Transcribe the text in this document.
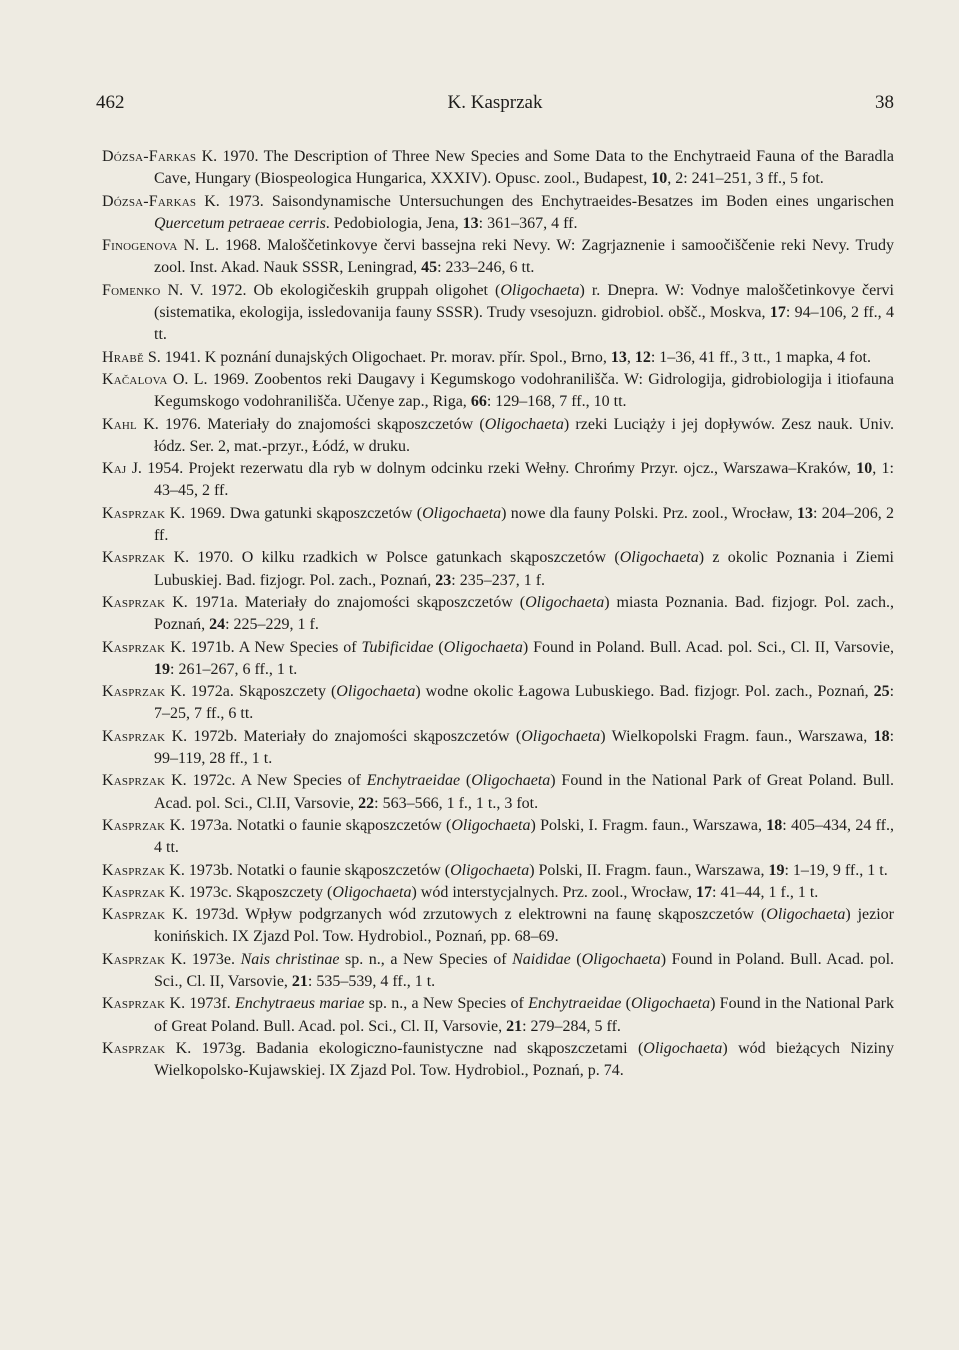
462	K. Kasprzak	38

Dózsa-Farkas K. 1970. The Description of Three New Species and Some Data to the Enchytraeid Fauna of the Baradla Cave, Hungary (Biospeologica Hungarica, XXXIV). Opusc. zool., Budapest, 10, 2: 241–251, 3 ff., 5 fot.

Dózsa-Farkas K. 1973. Saisondynamische Untersuchungen des Enchytraeides-Besatzes im Boden eines ungarischen Quercetum petraeae cerris. Pedobiologia, Jena, 13: 361–367, 4 ff.

Finogenova N. L. 1968. Maloščetinkovye červi bassejna reki Nevy. W: Zagrjaznenie i samoočiščenie reki Nevy. Trudy zool. Inst. Akad. Nauk SSSR, Leningrad, 45: 233–246, 6 tt.

Fomenko N. V. 1972. Ob ekologičeskih gruppah oligohet (Oligochaeta) r. Dnepra. W: Vodnye maloščetinkovye červi (sistematika, ekologija, issledovanija fauny SSSR). Trudy vsesojuzn. gidrobiol. obšč., Moskva, 17: 94–106, 2 ff., 4 tt.

Hrabě S. 1941. K poznání dunajských Oligochaet. Pr. morav. přír. Spol., Brno, 13, 12: 1–36, 41 ff., 3 tt., 1 mapka, 4 fot.

Kačalova O. L. 1969. Zoobentos reki Daugavy i Kegumskogo vodohranilišča. W: Gidrologija, gidrobiologija i itiofauna Kegumskogo vodohranilišča. Učenye zap., Riga, 66: 129–168, 7 ff., 10 tt.

Kahl K. 1976. Materiały do znajomości skąposzczetów (Oligochaeta) rzeki Luciąży i jej dopływów. Zesz nauk. Univ. łódz. Ser. 2, mat.-przyr., Łódź, w druku.

Kaj J. 1954. Projekt rezerwatu dla ryb w dolnym odcinku rzeki Wełny. Chrońmy Przyr. ojcz., Warszawa–Kraków, 10, 1: 43–45, 2 ff.

Kasprzak K. 1969. Dwa gatunki skąposzczetów (Oligochaeta) nowe dla fauny Polski. Prz. zool., Wrocław, 13: 204–206, 2 ff.

Kasprzak K. 1970. O kilku rzadkich w Polsce gatunkach skąposzczetów (Oligochaeta) z okolic Poznania i Ziemi Lubuskiej. Bad. fizjogr. Pol. zach., Poznań, 23: 235–237, 1 f.

Kasprzak K. 1971a. Materiały do znajomości skąposzczetów (Oligochaeta) miasta Poznania. Bad. fizjogr. Pol. zach., Poznań, 24: 225–229, 1 f.

Kasprzak K. 1971b. A New Species of Tubificidae (Oligochaeta) Found in Poland. Bull. Acad. pol. Sci., Cl. II, Varsovie, 19: 261–267, 6 ff., 1 t.

Kasprzak K. 1972a. Skąposzczety (Oligochaeta) wodne okolic Łagowa Lubuskiego. Bad. fizjogr. Pol. zach., Poznań, 25: 7–25, 7 ff., 6 tt.

Kasprzak K. 1972b. Materiały do znajomości skąposzczetów (Oligochaeta) Wielkopolski Fragm. faun., Warszawa, 18: 99–119, 28 ff., 1 t.

Kasprzak K. 1972c. A New Species of Enchytraeidae (Oligochaeta) Found in the National Park of Great Poland. Bull. Acad. pol. Sci., Cl.II, Varsovie, 22: 563–566, 1 f., 1 t., 3 fot.

Kasprzak K. 1973a. Notatki o faunie skąposzczetów (Oligochaeta) Polski, I. Fragm. faun., Warszawa, 18: 405–434, 24 ff., 4 tt.

Kasprzak K. 1973b. Notatki o faunie skąposzczetów (Oligochaeta) Polski, II. Fragm. faun., Warszawa, 19: 1–19, 9 ff., 1 t.

Kasprzak K. 1973c. Skąposzczety (Oligochaeta) wód interstycjalnych. Prz. zool., Wrocław, 17: 41–44, 1 f., 1 t.

Kasprzak K. 1973d. Wpływ podgrzanych wód zrzutowych z elektrowni na faunę skąposzczetów (Oligochaeta) jezior konińskich. IX Zjazd Pol. Tow. Hydrobiol., Poznań, pp. 68–69.

Kasprzak K. 1973e. Nais christinae sp. n., a New Species of Naididae (Oligochaeta) Found in Poland. Bull. Acad. pol. Sci., Cl. II, Varsovie, 21: 535–539, 4 ff., 1 t.

Kasprzak K. 1973f. Enchytraeus mariae sp. n., a New Species of Enchytraeidae (Oligochaeta) Found in the National Park of Great Poland. Bull. Acad. pol. Sci., Cl. II, Varsovie, 21: 279–284, 5 ff.

Kasprzak K. 1973g. Badania ekologiczno-faunistyczne nad skąposzczetami (Oligochaeta) wód bieżących Niziny Wielkopolsko-Kujawskiej. IX Zjazd Pol. Tow. Hydrobiol., Poznań, p. 74.
